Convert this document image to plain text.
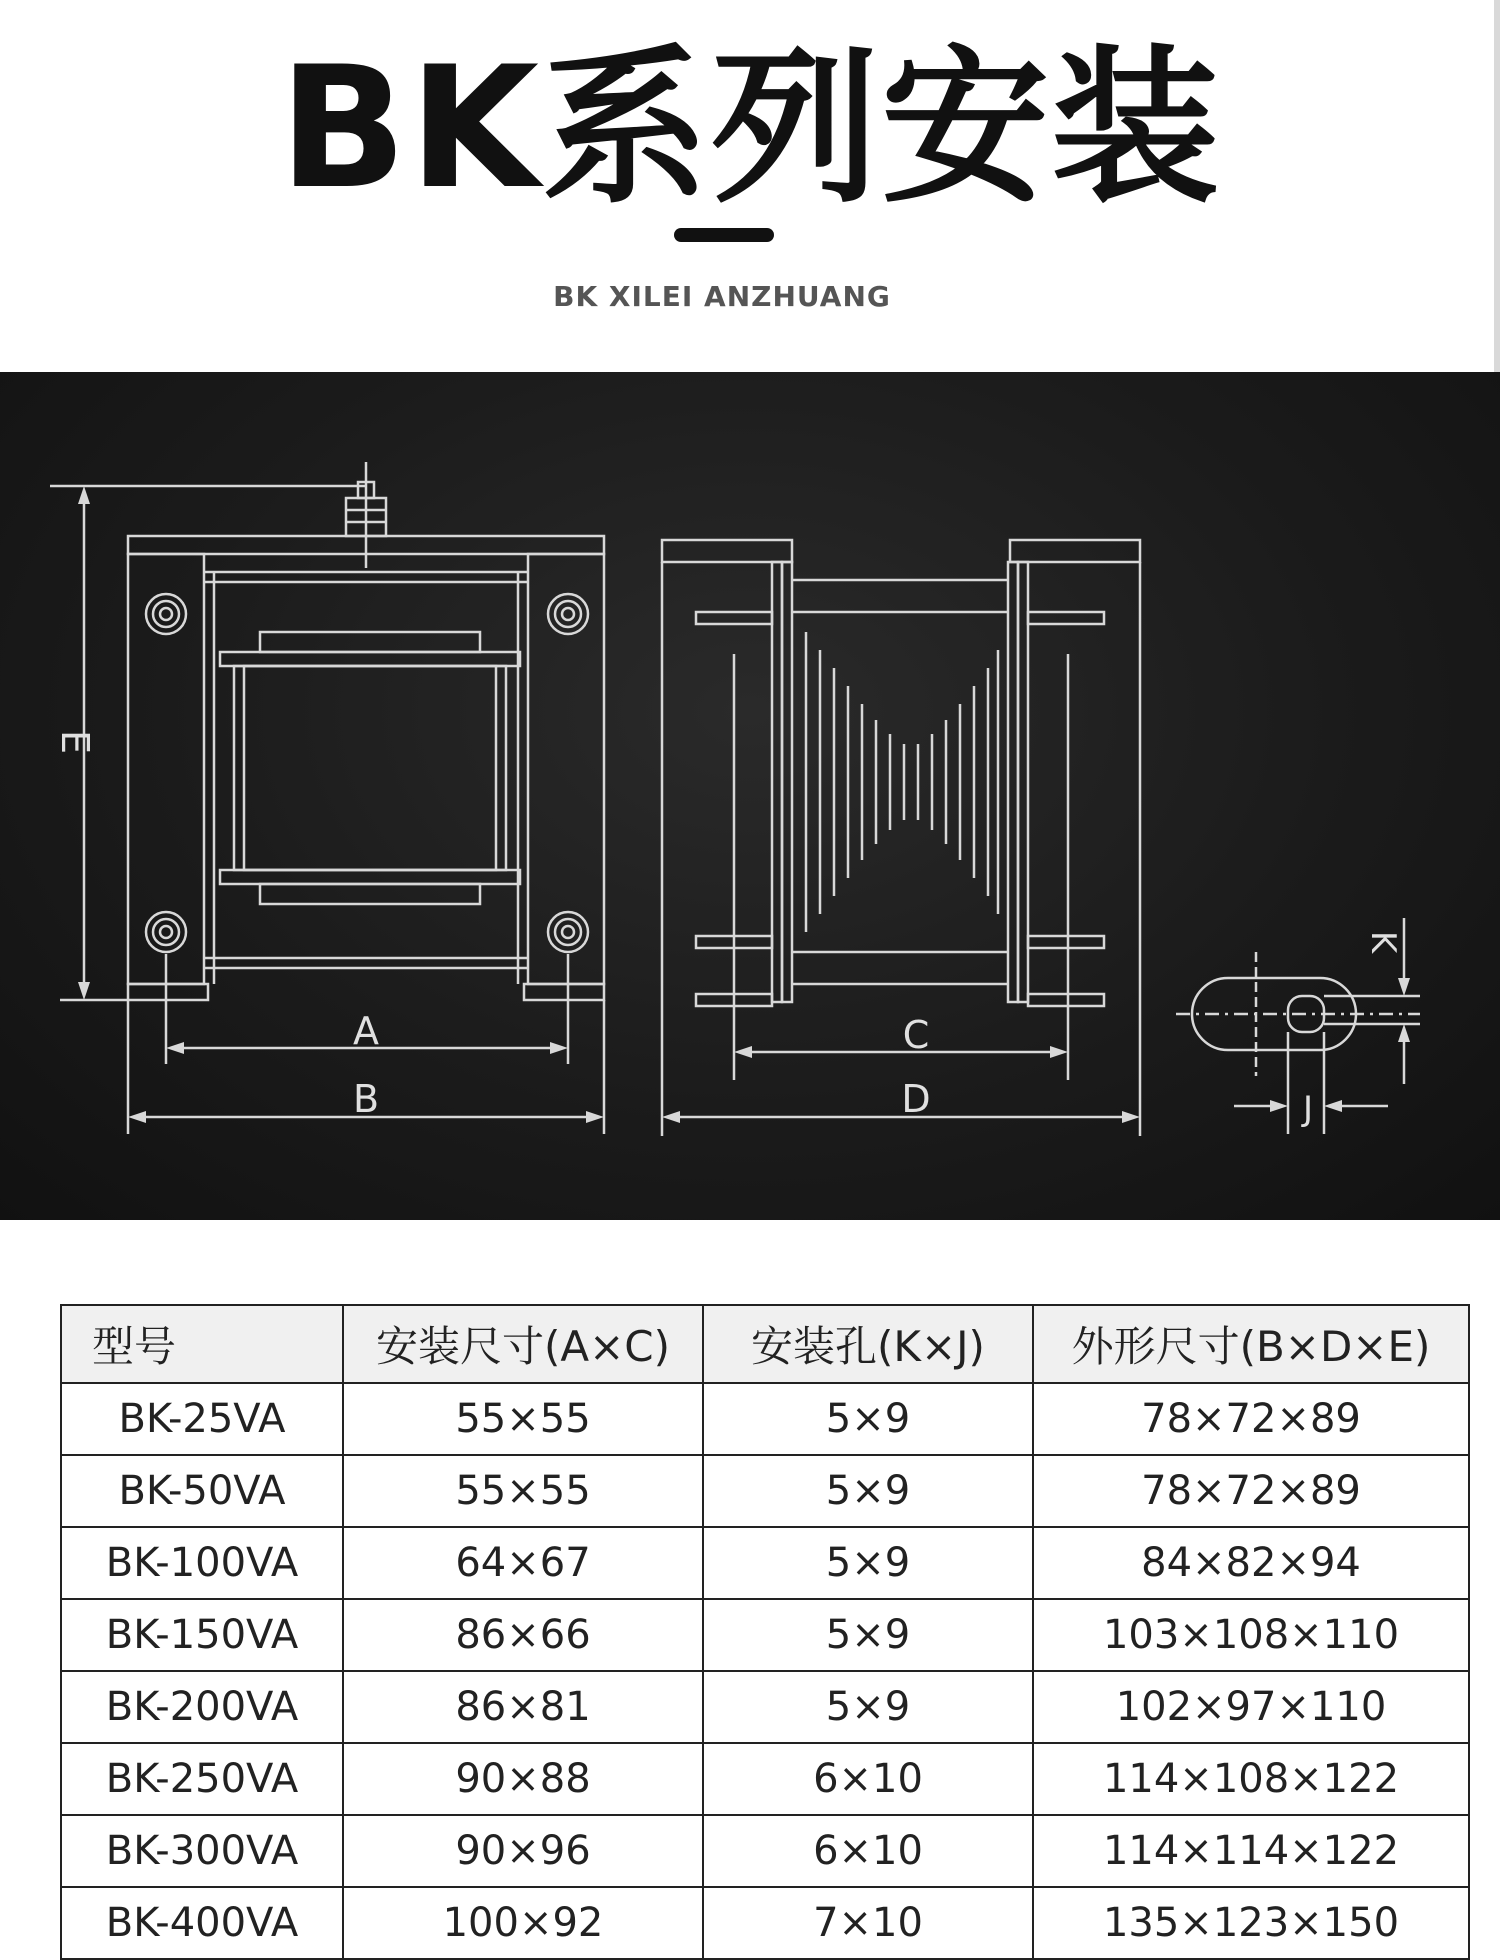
BK系列安装
BK XILEI ANZHUANG
A
B
C
D
E
J
K
型号	安装尺寸(A×C)	安装孔(K×J)	外形尺寸(B×D×E)
BK-25VA	55×55	5×9	78×72×89
BK-50VA	55×55	5×9	78×72×89
BK-100VA	64×67	5×9	84×82×94
BK-150VA	86×66	5×9	103×108×110
BK-200VA	86×81	5×9	102×97×110
BK-250VA	90×88	6×10	114×108×122
BK-300VA	90×96	6×10	114×114×122
BK-400VA	100×92	7×10	135×123×150
